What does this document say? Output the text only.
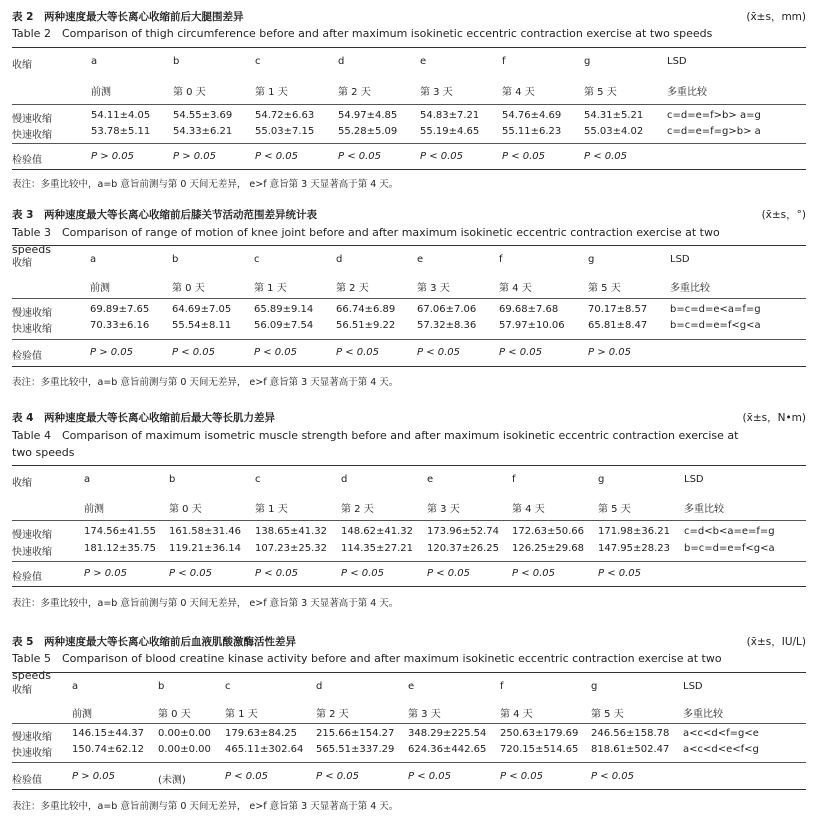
表 2　两种速度最大等长离心收缩前后大腿围差异	(x̄±s，mm)
Table 2　Comparison of thigh circumference before and after maximum isokinetic eccentric contraction exercise at two speeds
收缩	a	b	c	d	e	f	g	LSD
前测	第 0 天	第 1 天	第 2 天	第 3 天	第 4 天	第 5 天	多重比较
慢速收缩	54.11±4.05 54.55±3.69 54.72±6.63 54.97±4.85 54.83±7.21 54.76±4.69 54.31±5.21 c=d=e=f>b> a=g
快速收缩	53.78±5.11 54.33±6.21 55.03±7.15 55.28±5.09 55.19±4.65 55.11±6.23 55.03±4.02 c=d=e=f=g>b> a
检验值	P > 0.05	P > 0.05	P < 0.05	P < 0.05	P < 0.05	P < 0.05	P < 0.05
表注：多重比较中，a=b 意旨前测与第 0 天间无差异， e>f 意旨第 3 天显著高于第 4 天。
表 3　两种速度最大等长离心收缩前后膝关节活动范围差异统计表	(x̄±s，°)
Table 3　Comparison of range of motion of knee joint before and after maximum isokinetic eccentric contraction exercise at two speeds
收缩	a	b	c	d	e	f	g	LSD
前测	第 0 天	第 1 天	第 2 天	第 3 天	第 4 天	第 5 天	多重比较
慢速收缩	69.89±7.65 64.69±7.05 65.89±9.14 66.74±6.89 67.06±7.06 69.68±7.68	70.17±8.57 b=c=d=e<a=f=g
快速收缩	70.33±6.16 55.54±8.11 56.09±7.54 56.51±9.22 57.32±8.36 57.97±10.06 65.81±8.47 b=c=d=e=f<g<a
检验值	P > 0.05	P < 0.05	P < 0.05	P < 0.05	P < 0.05	P < 0.05	P > 0.05
表注：多重比较中，a=b 意旨前测与第 0 天间无差异， e>f 意旨第 3 天显著高于第 4 天。
表 4　两种速度最大等长离心收缩前后最大等长肌力差异	(x̄±s，N•m)
Table 4　Comparison of maximum isometric muscle strength before and after maximum isokinetic eccentric contraction exercise at two speeds
收缩	a	b	c	d	e	f	g	LSD
前测	第 0 天	第 1 天	第 2 天	第 3 天	第 4 天	第 5 天	多重比较
慢速收缩	174.56±41.55 161.58±31.46 138.65±41.32 148.62±41.32 173.96±52.74 172.63±50.66 171.98±36.21 c=d<b<a=e=f=g
快速收缩	181.12±35.75 119.21±36.14 107.23±25.32 114.35±27.21 120.37±26.25 126.25±29.68 147.95±28.23 b=c=d=e=f<g<a
检验值	P > 0.05	P < 0.05	P < 0.05	P < 0.05	P < 0.05	P < 0.05	P < 0.05
表注：多重比较中，a=b 意旨前测与第 0 天间无差异， e>f 意旨第 3 天显著高于第 4 天。
表 5　两种速度最大等长离心收缩前后血液肌酸激酶活性差异	(x̄±s，IU/L)
Table 5　Comparison of blood creatine kinase activity before and after maximum isokinetic eccentric contraction exercise at two speeds
收缩	a	b	c	d	e	f	g	LSD
前测	第 0 天	第 1 天	第 2 天	第 3 天	第 4 天	第 5 天	多重比较
慢速收缩 146.15±44.37 0.00±0.00 179.63±84.25 215.66±154.27 348.29±225.54 250.63±179.69 246.56±158.78 a<c<d<f=g<e
快速收缩 150.74±62.12 0.00±0.00 465.11±302.64 565.51±337.29 624.36±442.65 720.15±514.65 818.61±502.47 a<c<d<e<f<g
检验值	P > 0.05	(未测)	P < 0.05	P < 0.05	P < 0.05	P < 0.05	P < 0.05
表注：多重比较中，a=b 意旨前测与第 0 天间无差异， e>f 意旨第 3 天显著高于第 4 天。
